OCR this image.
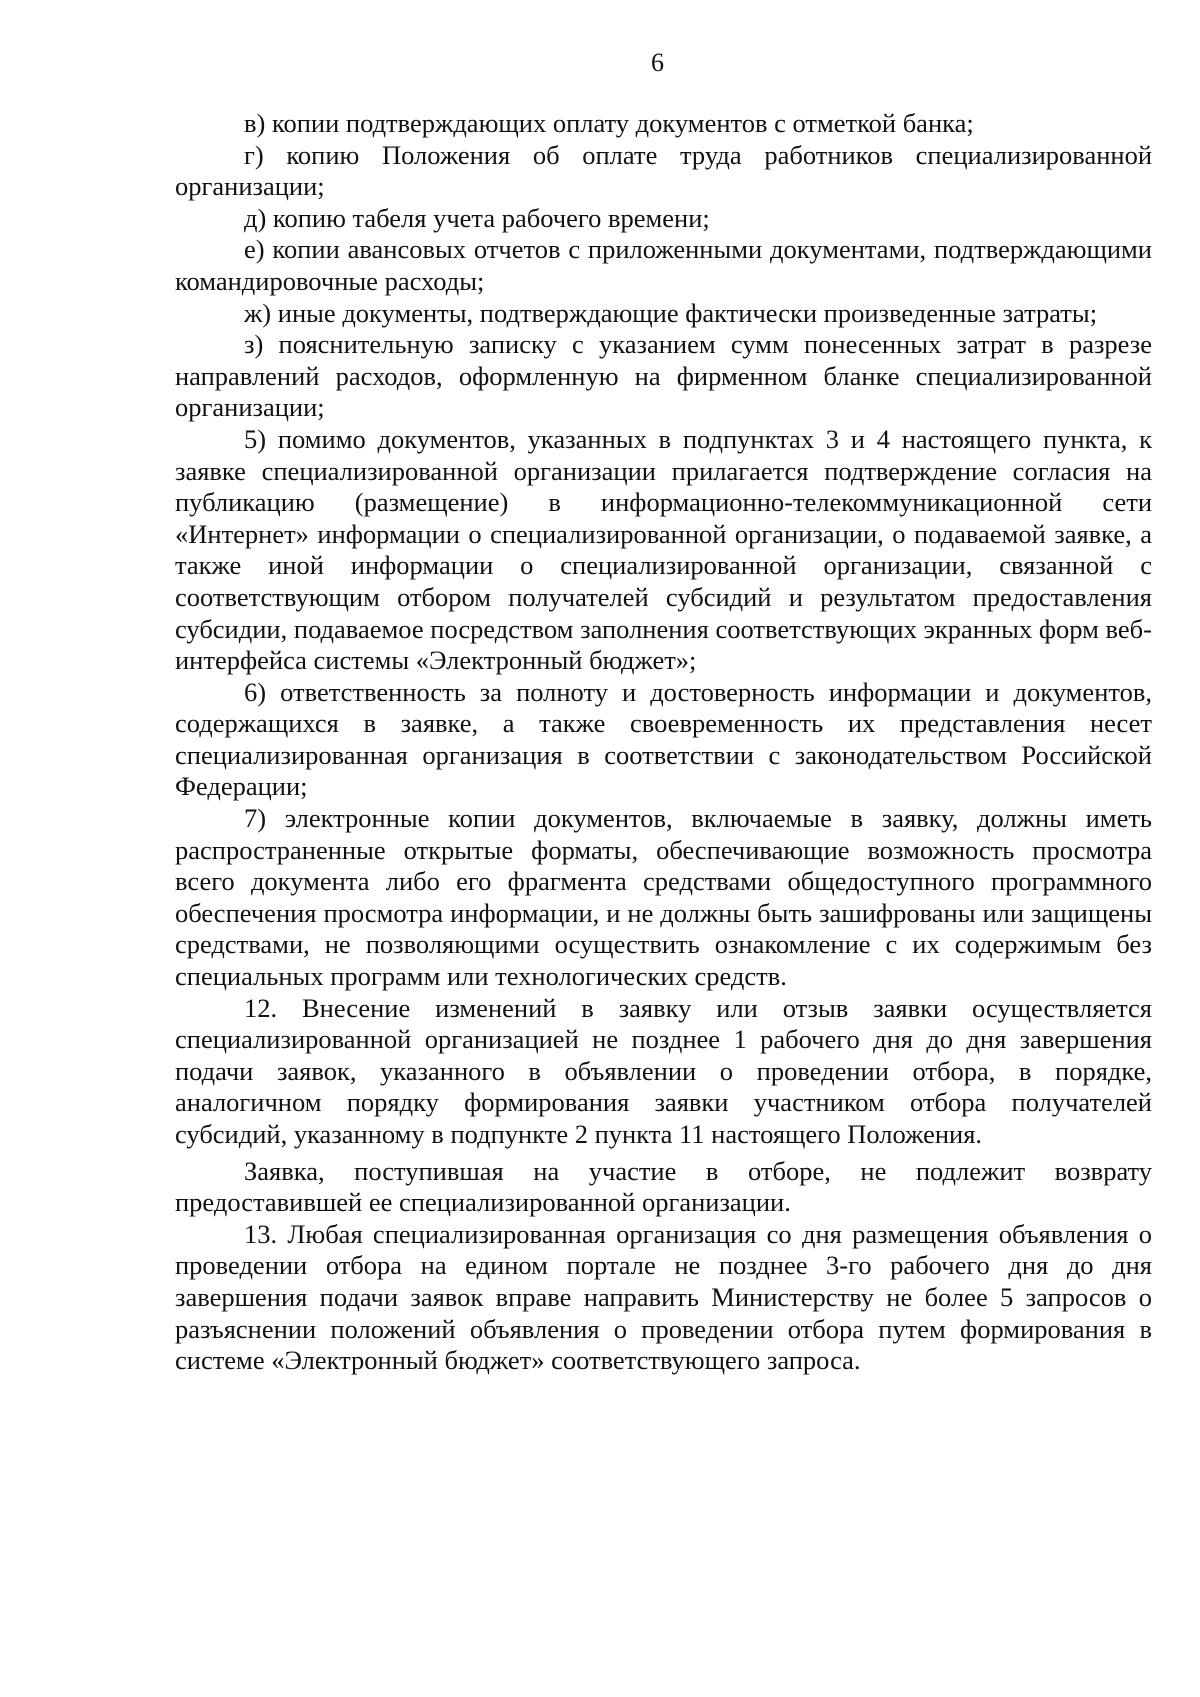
6

в) копии подтверждающих оплату документов с отметкой банка;

г) копию Положения об оплате труда работников специализированной организации;

д) копию табеля учета рабочего времени;

е) копии авансовых отчетов с приложенными документами, подтверждающими командировочные расходы;

ж) иные документы, подтверждающие фактически произведенные затраты;

з) пояснительную записку с указанием сумм понесенных затрат в разрезе направлений расходов, оформленную на фирменном бланке специализированной организации;

5) помимо документов, указанных в подпунктах 3 и 4 настоящего пункта, к заявке специализированной организации прилагается подтверждение согласия на публикацию (размещение) в информационно-телекоммуникационной сети «Интернет» информации о специализированной организации, о подаваемой заявке, а также иной информации о специализированной организации, связанной с соответствующим отбором получателей субсидий и результатом предоставления субсидии, подаваемое посредством заполнения соответствующих экранных форм веб-интерфейса системы «Электронный бюджет»;

6) ответственность за полноту и достоверность информации и документов, содержащихся в заявке, а также своевременность их представления несет специализированная организация в соответствии с законодательством Российской Федерации;

7) электронные копии документов, включаемые в заявку, должны иметь распространенные открытые форматы, обеспечивающие возможность просмотра всего документа либо его фрагмента средствами общедоступного программного обеспечения просмотра информации, и не должны быть зашифрованы или защищены средствами, не позволяющими осуществить ознакомление с их содержимым без специальных программ или технологических средств.

12. Внесение изменений в заявку или отзыв заявки осуществляется специализированной организацией не позднее 1 рабочего дня до дня завершения подачи заявок, указанного в объявлении о проведении отбора, в порядке, аналогичном порядку формирования заявки участником отбора получателей субсидий, указанному в подпункте 2 пункта 11 настоящего Положения.

Заявка, поступившая на участие в отборе, не подлежит возврату предоставившей ее специализированной организации.

13. Любая специализированная организация со дня размещения объявления о проведении отбора на едином портале не позднее 3-го рабочего дня до дня завершения подачи заявок вправе направить Министерству не более 5 запросов о разъяснении положений объявления о проведении отбора путем формирования в системе «Электронный бюджет» соответствующего запроса.
